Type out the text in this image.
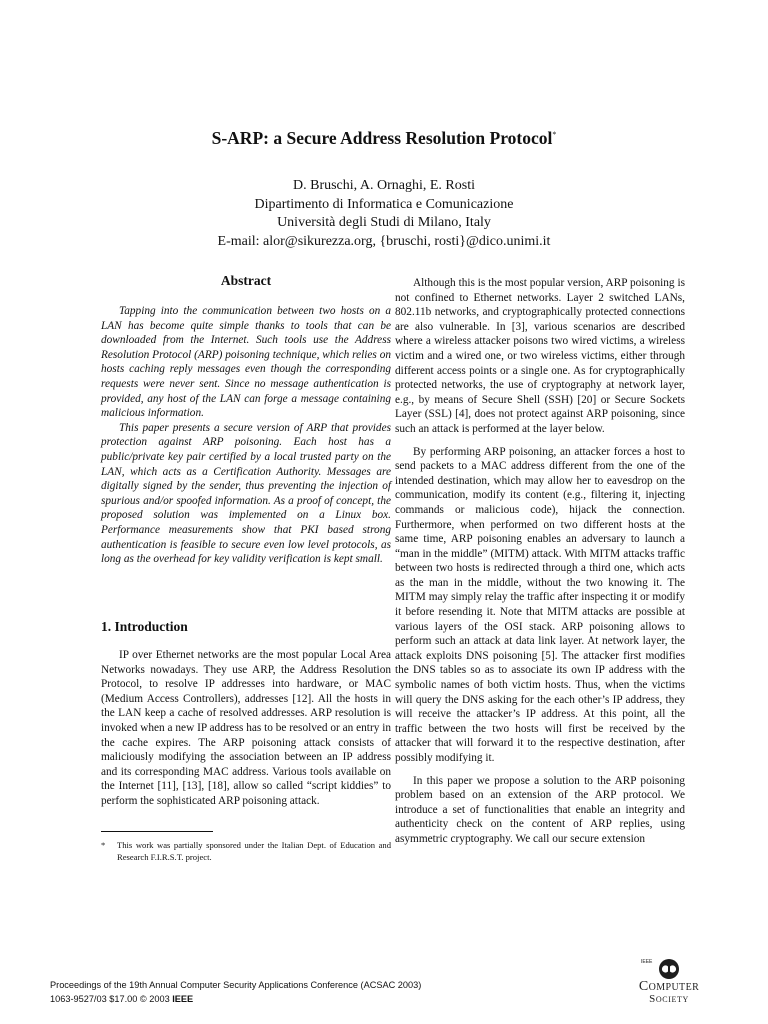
S-ARP: a Secure Address Resolution Protocol*
D. Bruschi, A. Ornaghi, E. Rosti
Dipartimento di Informatica e Comunicazione
Università degli Studi di Milano, Italy
E-mail: alor@sikurezza.org, {bruschi, rosti}@dico.unimi.it
Abstract

Tapping into the communication between two hosts on a LAN has become quite simple thanks to tools that can be downloaded from the Internet. Such tools use the Address Resolution Protocol (ARP) poisoning technique, which relies on hosts caching reply messages even though the corresponding requests were never sent. Since no message authentication is provided, any host of the LAN can forge a message containing malicious information.

This paper presents a secure version of ARP that provides protection against ARP poisoning. Each host has a public/private key pair certified by a local trusted party on the LAN, which acts as a Certification Authority. Messages are digitally signed by the sender, thus preventing the injection of spurious and/or spoofed information. As a proof of concept, the proposed solution was implemented on a Linux box. Performance measurements show that PKI based strong authentication is feasible to secure even low level protocols, as long as the overhead for key validity verification is kept small.

1. Introduction

IP over Ethernet networks are the most popular Local Area Networks nowadays. They use ARP, the Address Resolution Protocol, to resolve IP addresses into hardware, or MAC (Medium Access Controllers), addresses [12]. All the hosts in the LAN keep a cache of resolved addresses. ARP resolution is invoked when a new IP address has to be resolved or an entry in the cache expires. The ARP poisoning attack consists of maliciously modifying the association between an IP address and its corresponding MAC address. Various tools available on the Internet [11], [13], [18], allow so called “script kiddies” to perform the sophisticated ARP poisoning attack.

*	This work was partially sponsored under the Italian Dept. of Education and Research F.I.R.S.T. project.

Although this is the most popular version, ARP poisoning is not confined to Ethernet networks. Layer 2 switched LANs, 802.11b networks, and cryptographically protected connections are also vulnerable. In [3], various scenarios are described where a wireless attacker poisons two wired victims, a wireless victim and a wired one, or two wireless victims, either through different access points or a single one. As for cryptographically protected networks, the use of cryptography at network layer, e.g., by means of Secure Shell (SSH) [20] or Secure Sockets Layer (SSL) [4], does not protect against ARP poisoning, since such an attack is performed at the layer below.

By performing ARP poisoning, an attacker forces a host to send packets to a MAC address different from the one of the intended destination, which may allow her to eavesdrop on the communication, modify its content (e.g., filtering it, injecting commands or malicious code), hijack the connection. Furthermore, when performed on two different hosts at the same time, ARP poisoning enables an adversary to launch a “man in the middle” (MITM) attack. With MITM attacks traffic between two hosts is redirected through a third one, which acts as the man in the middle, without the two knowing it. The MITM may simply relay the traffic after inspecting it or modify it before resending it. Note that MITM attacks are possible at various layers of the OSI stack. ARP poisoning allows to perform such an attack at data link layer. At network layer, the attack exploits DNS poisoning [5]. The attacker first modifies the DNS tables so as to associate its own IP address with the symbolic names of both victim hosts. Thus, when the victims will query the DNS asking for the each other’s IP address, they will receive the attacker’s IP address. At this point, all the traffic between the two hosts will first be received by the attacker that will forward it to the respective destination, after possibly modifying it.

In this paper we propose a solution to the ARP poisoning problem based on an extension of the ARP protocol. We introduce a set of functionalities that enable an integrity and authenticity check on the content of ARP replies, using asymmetric cryptography. We call our secure extension

Proceedings of the 19th Annual Computer Security Applications Conference (ACSAC 2003)
1063-9527/03 $17.00 © 2003 IEEE
IEEE
Computer
Society
